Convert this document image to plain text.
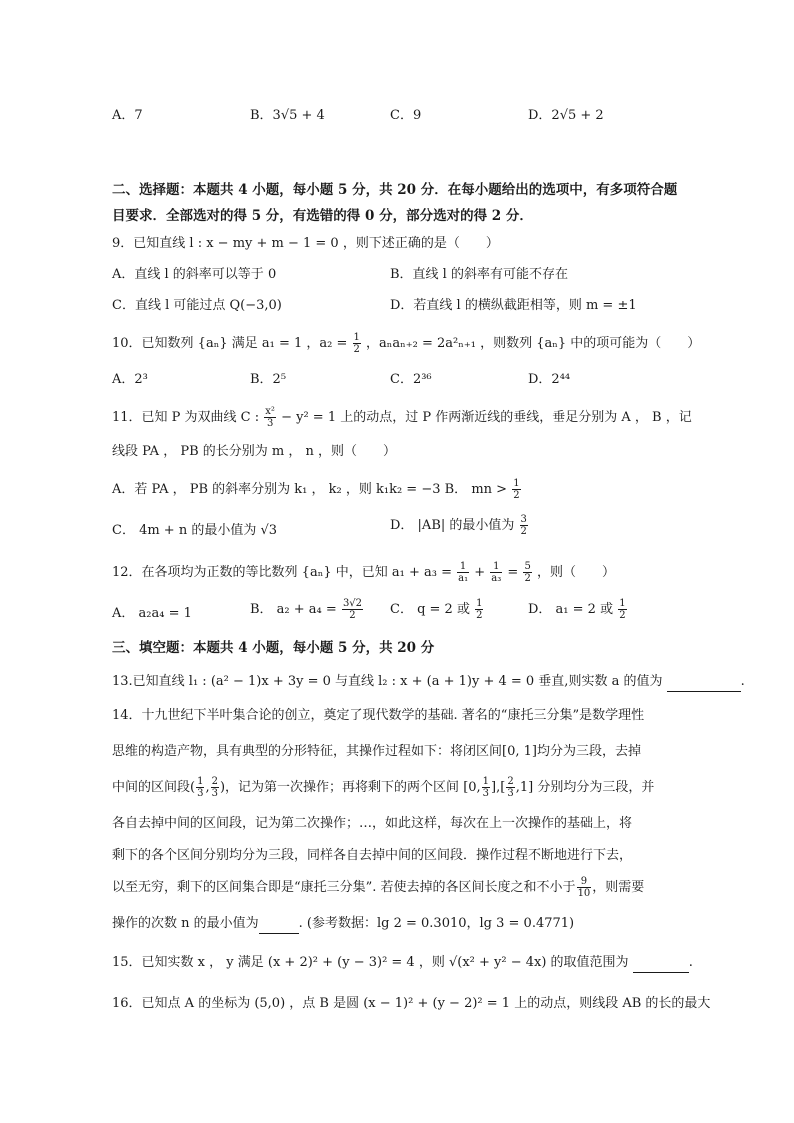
A．7	B．3√5 + 4	C．9	D．2√5 + 2
二、选择题：本题共 4 小题，每小题 5 分，共 20 分．在每小题给出的选项中，有多项符合题
目要求．全部选对的得 5 分，有选错的得 0 分，部分选对的得 2 分．
9．已知直线 l : x − my + m − 1 = 0 ，则下述正确的是（　　）
A．直线 l 的斜率可以等于 0	B．直线 l 的斜率有可能不存在
C．直线 l 可能过点 Q(−3,0)	D．若直线 l 的横纵截距相等，则 m = ±1
10．已知数列 {aₙ} 满足 a₁ = 1 ，$a_2 = \frac{1}{2}$ ，aₙaₙ₊₂ = 2a²ₙ₊₁ ，则数列 {aₙ} 中的项可能为（　　）
A．2³	B．2⁵	C．2³⁶	D．2⁴⁴
11．已知 P 为双曲线 C : $\frac{\text{x²}}{3} - y^2 = 1$ 上的动点，过 P 作两渐近线的垂线，垂足分别为 A ， B ，记
线段 PA ， PB 的长分别为 m ， n ，则（　　）
A．若 PA ， PB 的斜率分别为 k₁ ， k₂ ，则 k₁k₂ = −3 B． mn > $\frac{1}{2}$
C． 4m + n 的最小值为 √3	D． |AB| 的最小值为 $\frac{3}{2}$
12．在各项均为正数的等比数列 {aₙ} 中，已知 $a_1 + a_3 = \frac{1}{\text{a₁}} + \frac{1}{\text{a₃}} = \frac{5}{2}$ ，则（　　）
A． a₂a₄ = 1	B． $a_2 + a_4 = \frac{3√2}{2}$ C． q = 2 或 $\frac{1}{2}$	D． a₁ = 2 或 $\frac{1}{2}$
三、填空题：本题共 4 小题，每小题 5 分，共 20 分
13.已知直线 l₁ : (a² − 1)x + 3y = 0 与直线 l₂ : x + (a + 1)y + 4 = 0 垂直,则实数 a 的值为	.
14．十九世纪下半叶集合论的创立，奠定了现代数学的基础. 著名的“康托三分集”是数学理性
思维的构造产物，具有典型的分形特征，其操作过程如下：将闭区间[0, 1]均分为三段，去掉
中间的区间段( $\frac{1}{3}$ , $\frac{2}{3}$ )，记为第一次操作；再将剩下的两个区间 [0, $\frac{1}{3}$ ],[ $\frac{2}{3} ,1$] 分别均分为三段，并
各自去掉中间的区间段，记为第二次操作；…，如此这样，每次在上一次操作的基础上，将
剩下的各个区间分别均分为三段，同样各自去掉中间的区间段．操作过程不断地进行下去，
以至无穷，剩下的区间集合即是“康托三分集”. 若使去掉的各区间长度之和不小于 $\frac{9}{10}$ ，则需要
操作的次数 n 的最小值为	. (参考数据：lg 2 = 0.3010，lg 3 = 0.4771)
15．已知实数 x ， y 满足 (x + 2)² + (y − 3)² = 4 ，则 √(x² + y² − 4x) 的取值范围为	.
16．已知点 A 的坐标为 (5,0) ，点 B 是圆 (x − 1)² + (y − 2)² = 1 上的动点，则线段 AB 的长的最大
